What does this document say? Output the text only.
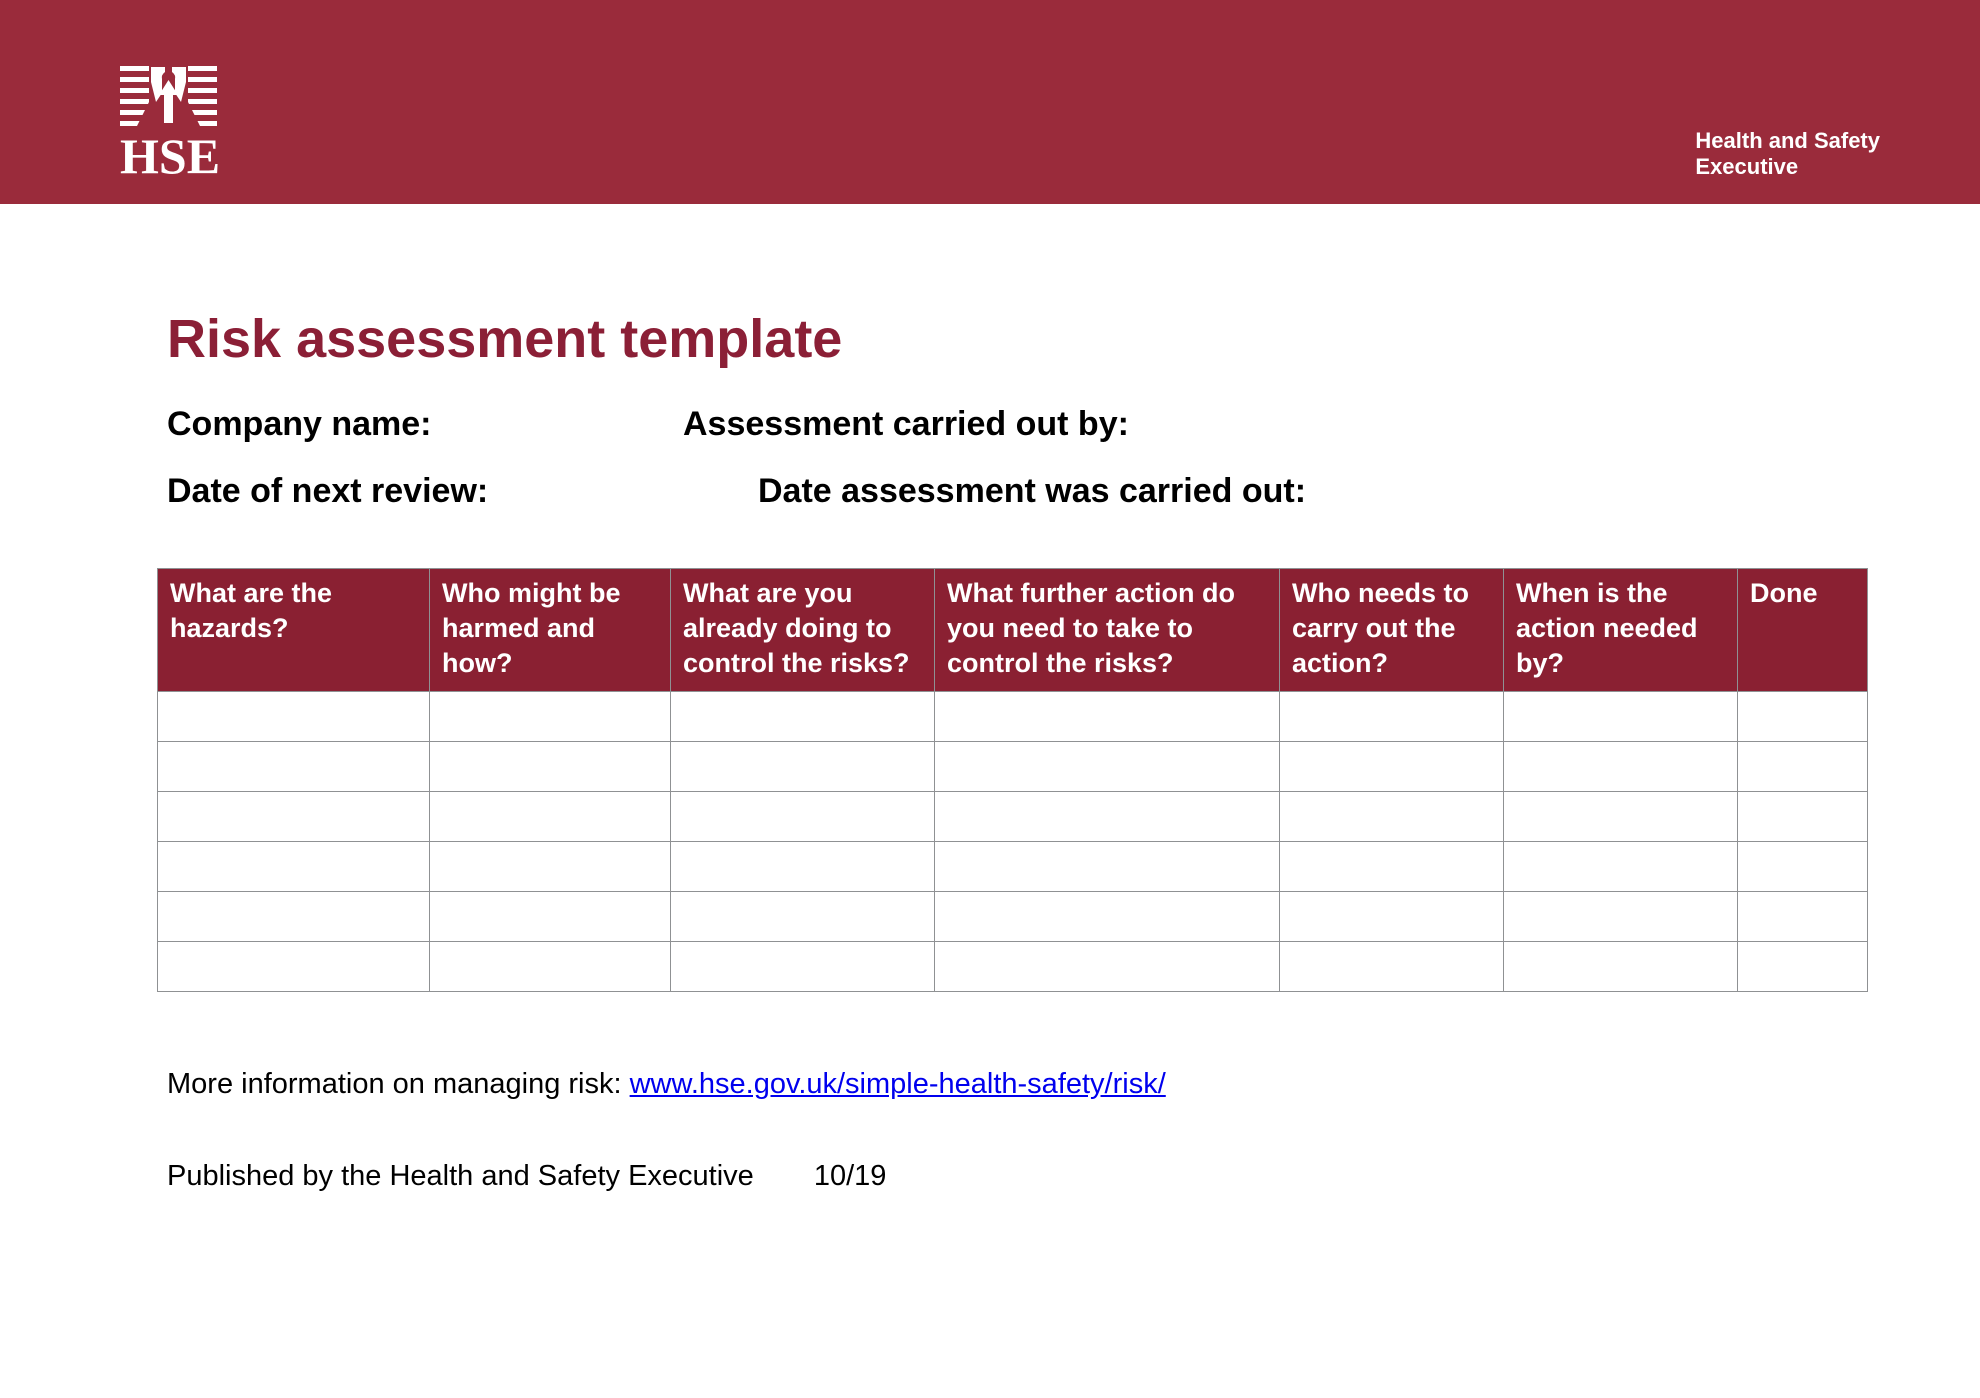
HSE	Health and Safety
Executive
Risk assessment template
Company name:	Assessment carried out by:
Date of next review:	Date assessment was carried out:
What are the hazards?	Who might be harmed and how?	What are you already doing to control the risks?	What further action do you need to take to control the risks?	Who needs to carry out the action?	When is the action needed by?	Done

More information on managing risk: www.hse.gov.uk/simple-health-safety/risk/

Published by the Health and Safety Executive 10/19
